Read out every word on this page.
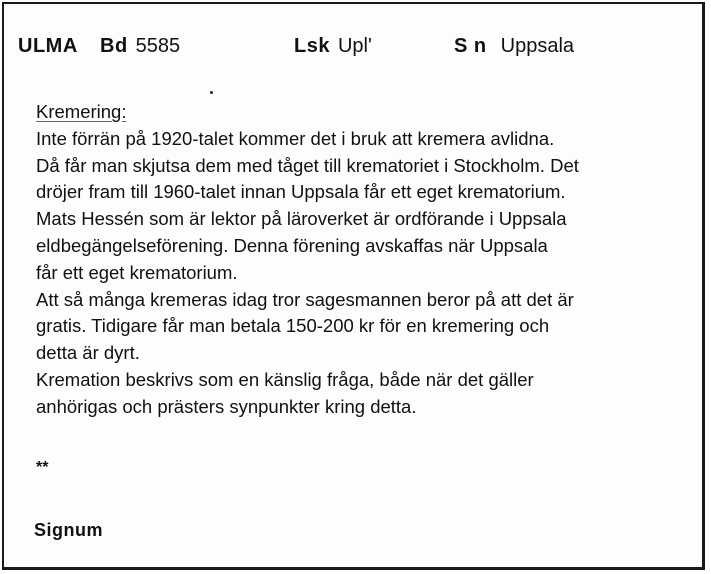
ULMA Bd 5585	Lsk Upl'	S n Uppsala

Kremering:

Inte förrän på 1920-talet kommer det i bruk att kremera avlidna.

Då får man skjutsa dem med tåget till krematoriet i Stockholm. Det

dröjer fram till 1960-talet innan Uppsala får ett eget krematorium.

Mats Hessén som är lektor på läroverket är ordförande i Uppsala

eldbegängelseförening. Denna förening avskaffas när Uppsala

får ett eget krematorium.

Att så många kremeras idag tror sagesmannen beror på att det är

gratis. Tidigare får man betala 150-200 kr för en kremering och

detta är dyrt.

Kremation beskrivs som en känslig fråga, både när det gäller

anhörigas och prästers synpunkter kring detta.

**
Signum
